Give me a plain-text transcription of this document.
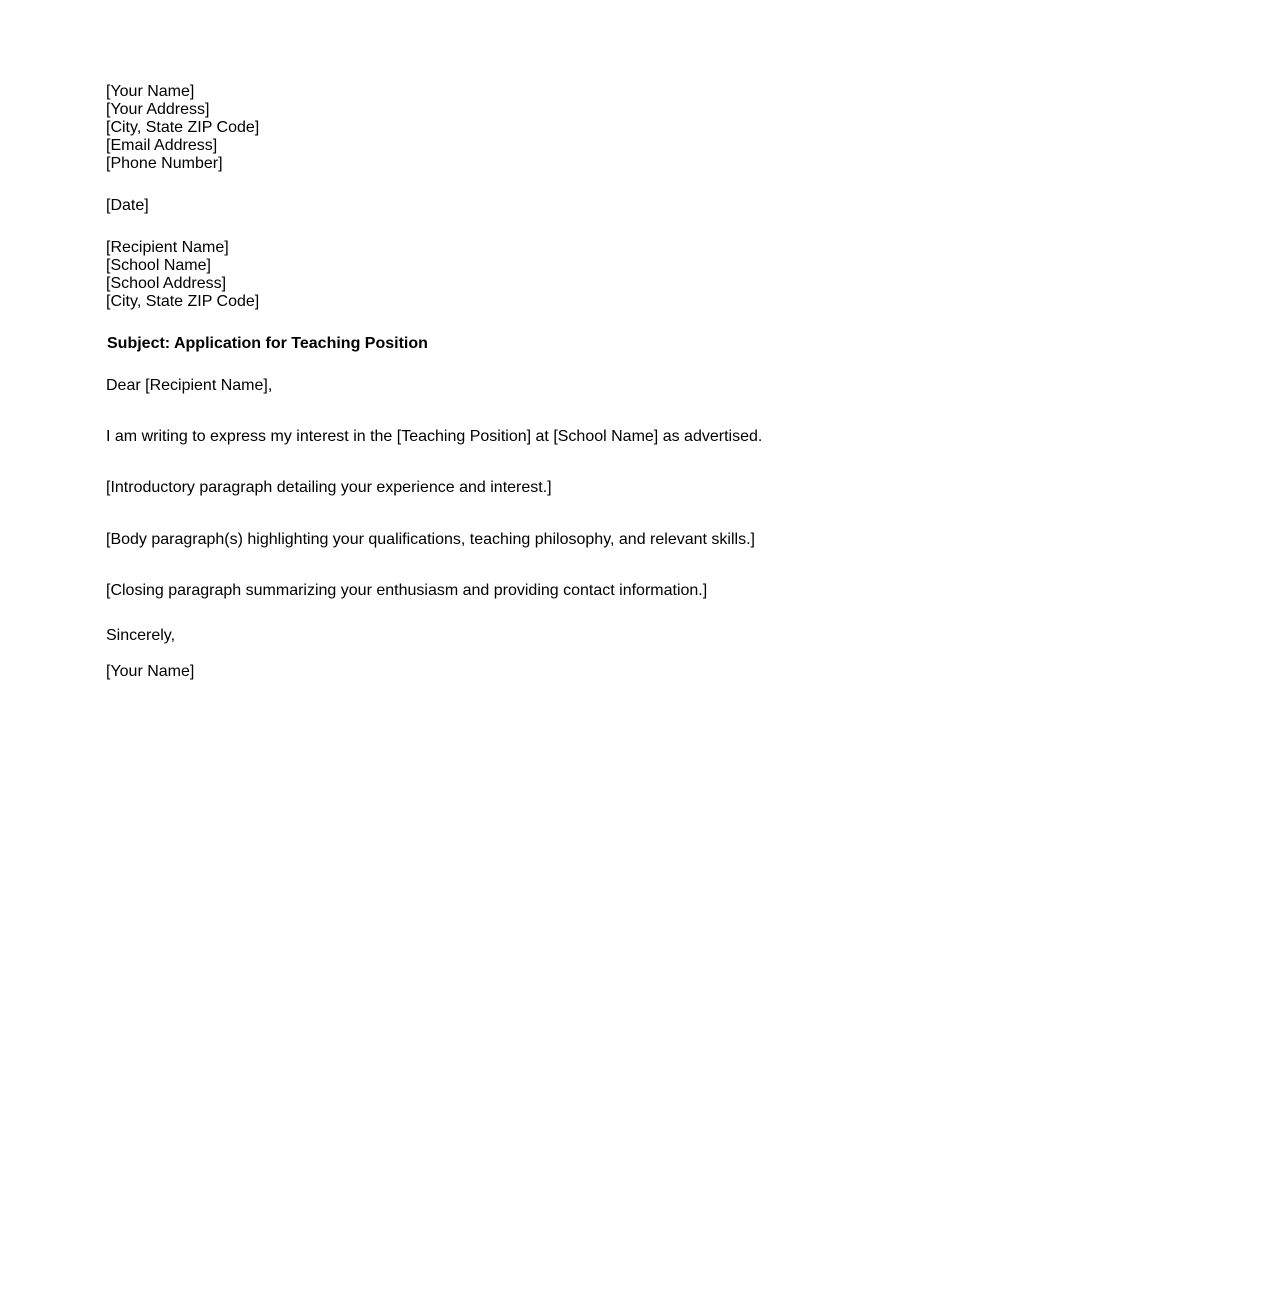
[Your Name]
[Your Address]
[City, State ZIP Code]
[Email Address]
[Phone Number]
[Date]
[Recipient Name]
[School Name]
[School Address]
[City, State ZIP Code]
Subject: Application for Teaching Position
Dear [Recipient Name],
I am writing to express my interest in the [Teaching Position] at [School Name] as advertised.
[Introductory paragraph detailing your experience and interest.]
[Body paragraph(s) highlighting your qualifications, teaching philosophy, and relevant skills.]
[Closing paragraph summarizing your enthusiasm and providing contact information.]
Sincerely,
[Your Name]
